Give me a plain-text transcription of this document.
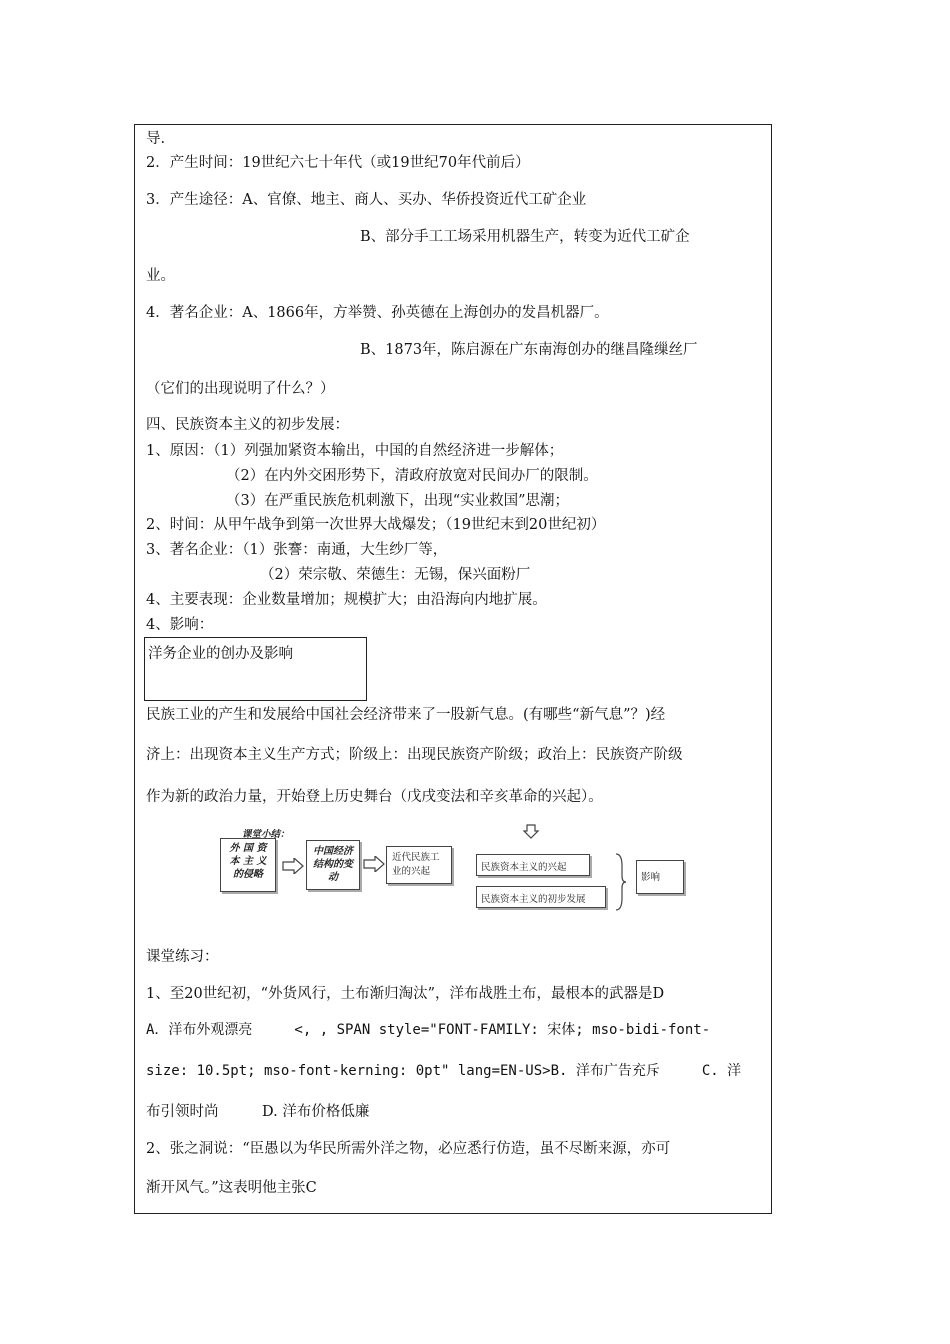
导.
2．产生时间：19世纪六七十年代（或19世纪70年代前后）
3．产生途径：A、官僚、地主、商人、买办、华侨投资近代工矿企业
B、部分手工工场采用机器生产，转变为近代工矿企
业。
4．著名企业：A、1866年，方举赞、孙英德在上海创办的发昌机器厂。
B、1873年，陈启源在广东南海创办的继昌隆缫丝厂
（它们的出现说明了什么？）
四、民族资本主义的初步发展：
1、原因：（1）列强加紧资本输出，中国的自然经济进一步解体；
（2）在内外交困形势下，清政府放宽对民间办厂的限制。
（3）在严重民族危机刺激下，出现“实业救国”思潮；
2、时间：从甲午战争到第一次世界大战爆发；（19世纪末到20世纪初）
3、著名企业：（1）张謇：南通，大生纱厂等，
（2）荣宗敬、荣德生：无锡，保兴面粉厂
4、主要表现：企业数量增加；规模扩大；由沿海向内地扩展。
4、影响：
洋务企业的创办及影响
民族工业的产生和发展给中国社会经济带来了一股新气息。(有哪些“新气息”？)经
济上：出现资本主义生产方式；阶级上：出现民族资产阶级；政治上：民族资产阶级
作为新的政治力量，开始登上历史舞台（戊戌变法和辛亥革命的兴起）。
课堂小结：
外 国 资 本 主 义 的侵略
中国经济结构的变动
近代民族工业的兴起	民族资本主义的兴起
民族资本主义的初步发展
影响
课堂练习：
1、至20世纪初，“外货风行，土布渐归淘汰”，洋布战胜土布，最根本的武器是D
A．洋布外观漂亮　　　<, , SPAN style="FONT-FAMILY: 宋体; mso-bidi-font-
size: 10.5pt; mso-font-kerning: 0pt" lang=EN-US>B. 洋布广告充斥　　　C. 洋
布引领时尚　　　D. 洋布价格低廉
2、张之洞说：“臣愚以为华民所需外洋之物，必应悉行仿造，虽不尽断来源，亦可
渐开风气。”这表明他主张C
